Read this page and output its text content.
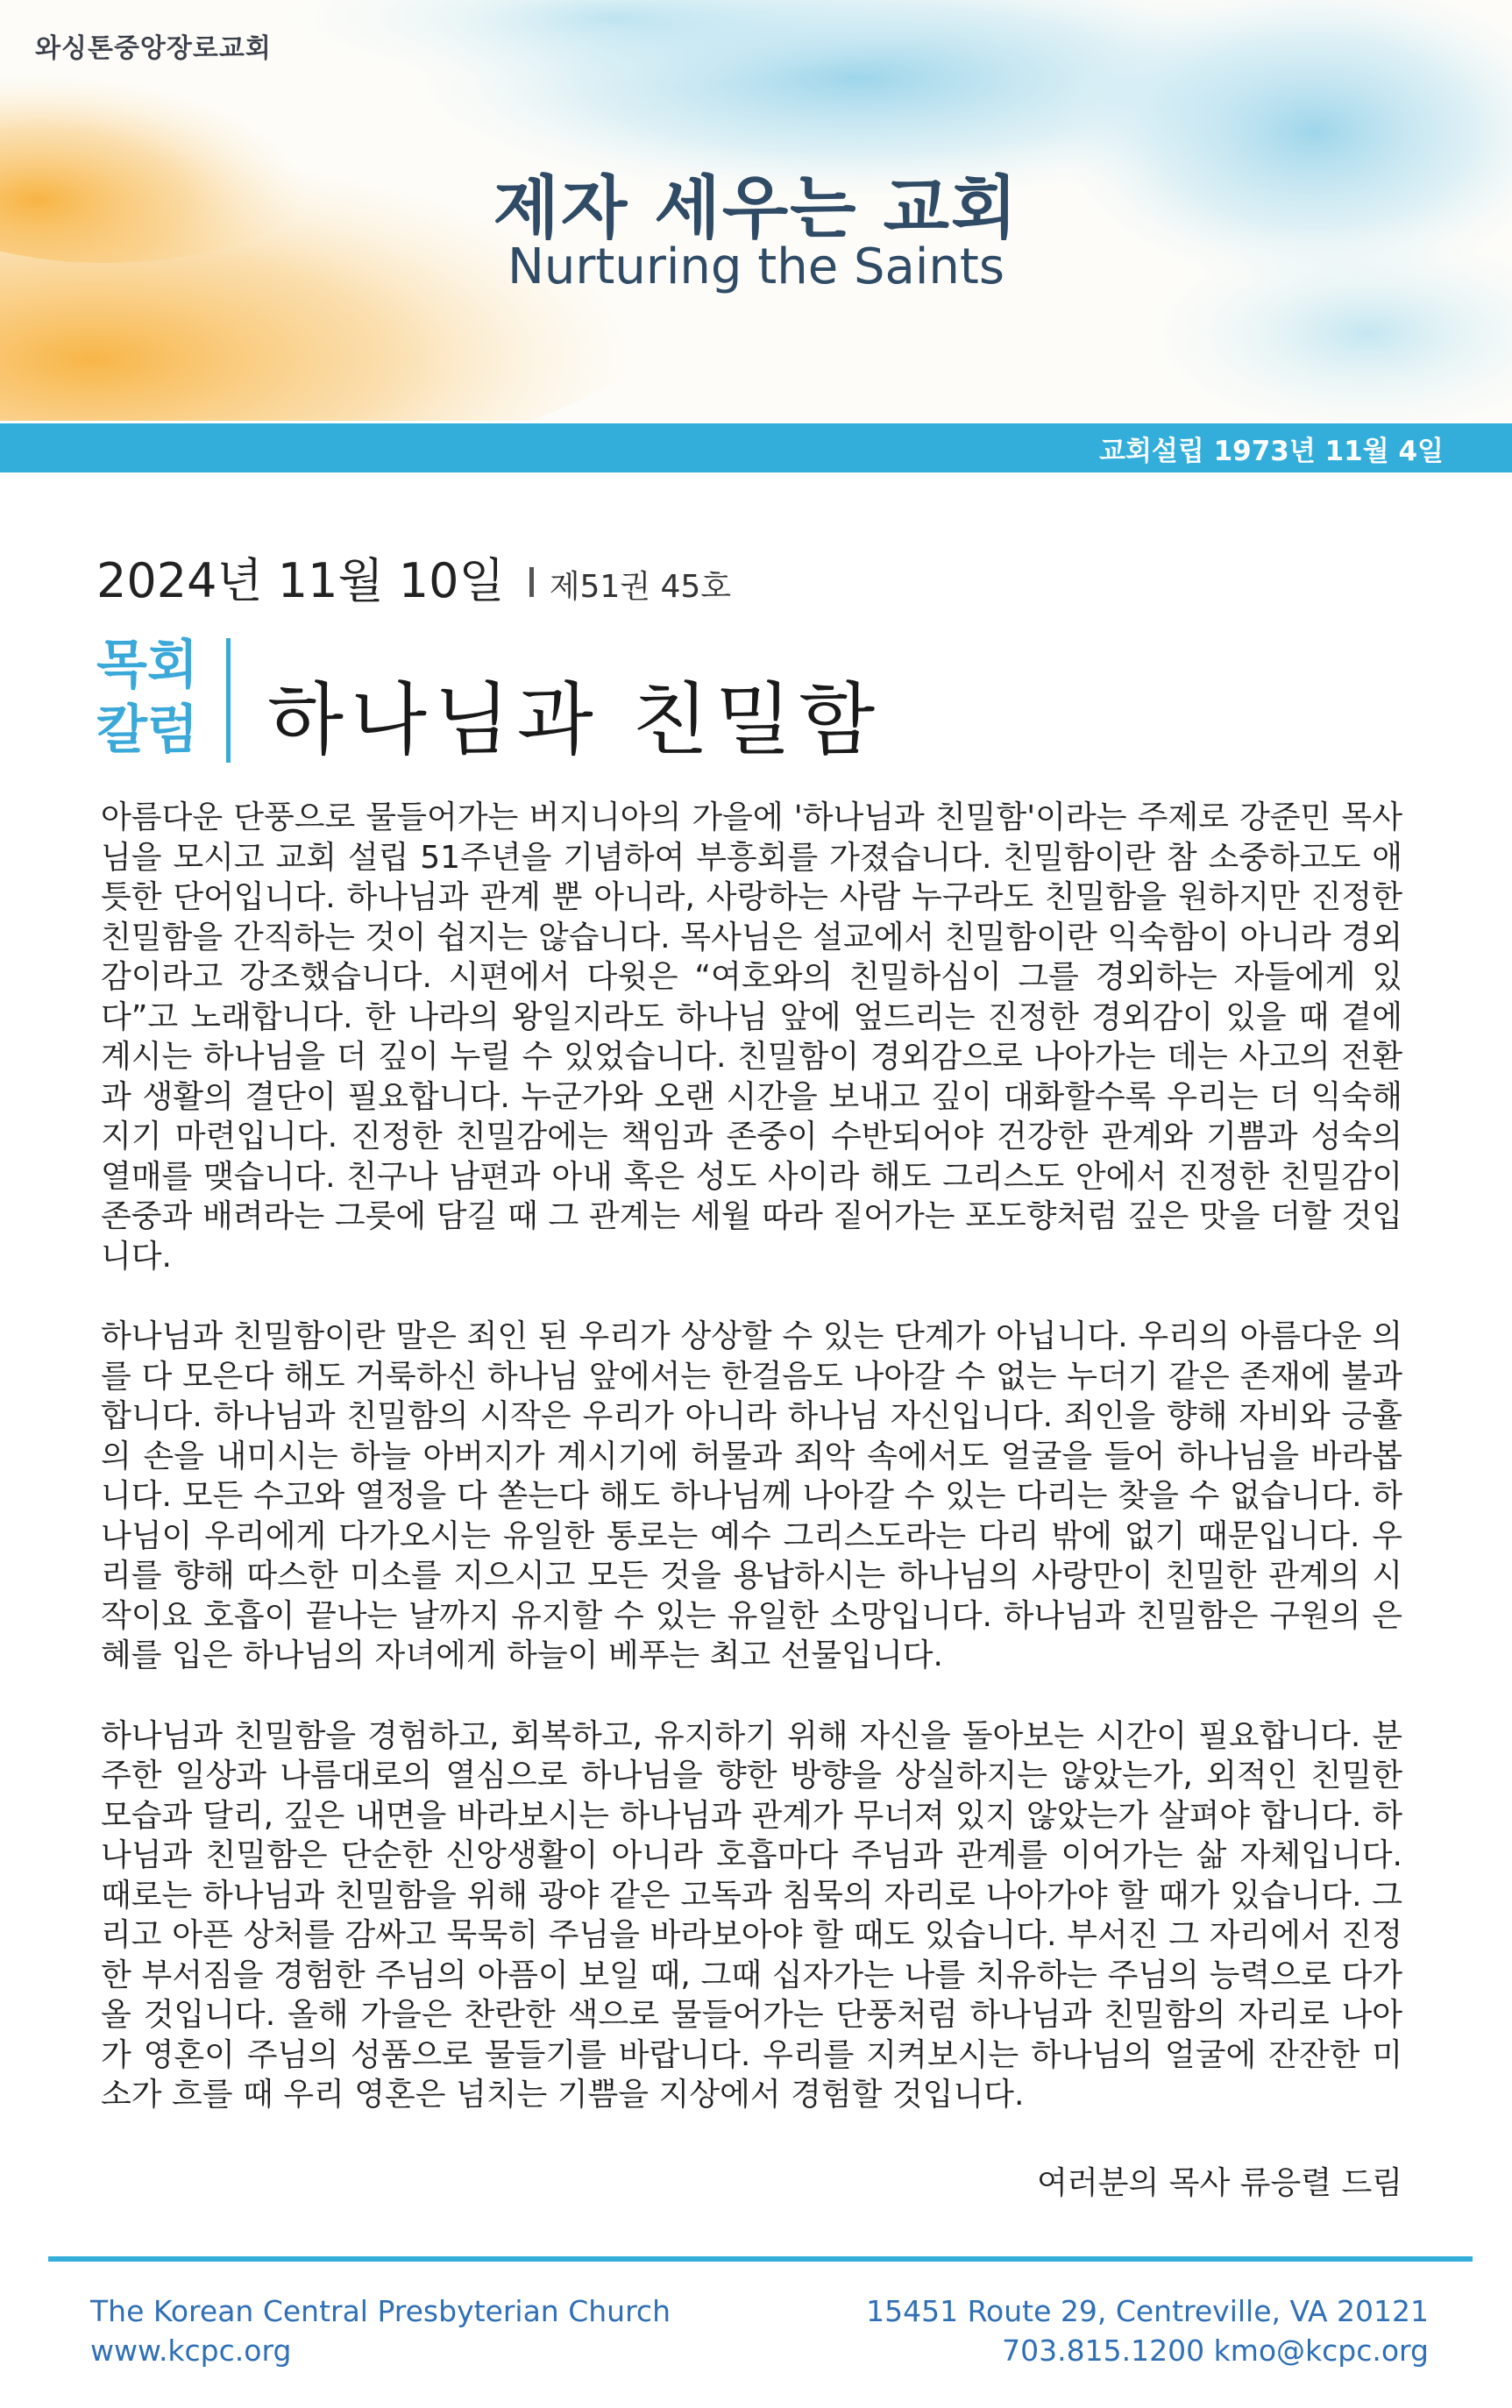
와싱톤중앙장로교회
제자 세우는 교회
Nurturing the Saints
교회설립 1973년 11월 4일
2024년 11월 10일 제51권 45호
목회
칼럼 하나님과 친밀함

아름다운 단풍으로 물들어가는 버지니아의 가을에 '하나님과 친밀함'이라는 주제로 강준민 목사님을 모시고 교회 설립 51주년을 기념하여 부흥회를 가졌습니다. 친밀함이란 참 소중하고도 애틋한 단어입니다. 하나님과 관계 뿐 아니라, 사랑하는 사람 누구라도 친밀함을 원하지만 진정한 친밀함을 간직하는 것이 쉽지는 않습니다. 목사님은 설교에서 친밀함이란 익숙함이 아니라 경외감이라고 강조했습니다. 시편에서 다윗은 “여호와의 친밀하심이 그를 경외하는 자들에게 있다”고 노래합니다. 한 나라의 왕일지라도 하나님 앞에 엎드리는 진정한 경외감이 있을 때 곁에 계시는 하나님을 더 깊이 누릴 수 있었습니다. 친밀함이 경외감으로 나아가는 데는 사고의 전환과 생활의 결단이 필요합니다. 누군가와 오랜 시간을 보내고 깊이 대화할수록 우리는 더 익숙해지기 마련입니다. 진정한 친밀감에는 책임과 존중이 수반되어야 건강한 관계와 기쁨과 성숙의 열매를 맺습니다. 친구나 남편과 아내 혹은 성도 사이라 해도 그리스도 안에서 진정한 친밀감이 존중과 배려라는 그릇에 담길 때 그 관계는 세월 따라 짙어가는 포도향처럼 깊은 맛을 더할 것입니다.

하나님과 친밀함이란 말은 죄인 된 우리가 상상할 수 있는 단계가 아닙니다. 우리의 아름다운 의를 다 모은다 해도 거룩하신 하나님 앞에서는 한걸음도 나아갈 수 없는 누더기 같은 존재에 불과합니다. 하나님과 친밀함의 시작은 우리가 아니라 하나님 자신입니다. 죄인을 향해 자비와 긍휼의 손을 내미시는 하늘 아버지가 계시기에 허물과 죄악 속에서도 얼굴을 들어 하나님을 바라봅니다. 모든 수고와 열정을 다 쏟는다 해도 하나님께 나아갈 수 있는 다리는 찾을 수 없습니다. 하나님이 우리에게 다가오시는 유일한 통로는 예수 그리스도라는 다리 밖에 없기 때문입니다. 우리를 향해 따스한 미소를 지으시고 모든 것을 용납하시는 하나님의 사랑만이 친밀한 관계의 시작이요 호흡이 끝나는 날까지 유지할 수 있는 유일한 소망입니다. 하나님과 친밀함은 구원의 은혜를 입은 하나님의 자녀에게 하늘이 베푸는 최고 선물입니다.

하나님과 친밀함을 경험하고, 회복하고, 유지하기 위해 자신을 돌아보는 시간이 필요합니다. 분주한 일상과 나름대로의 열심으로 하나님을 향한 방향을 상실하지는 않았는가, 외적인 친밀한 모습과 달리, 깊은 내면을 바라보시는 하나님과 관계가 무너져 있지 않았는가 살펴야 합니다. 하나님과 친밀함은 단순한 신앙생활이 아니라 호흡마다 주님과 관계를 이어가는 삶 자체입니다. 때로는 하나님과 친밀함을 위해 광야 같은 고독과 침묵의 자리로 나아가야 할 때가 있습니다. 그리고 아픈 상처를 감싸고 묵묵히 주님을 바라보아야 할 때도 있습니다. 부서진 그 자리에서 진정한 부서짐을 경험한 주님의 아픔이 보일 때, 그때 십자가는 나를 치유하는 주님의 능력으로 다가올 것입니다. 올해 가을은 찬란한 색으로 물들어가는 단풍처럼 하나님과 친밀함의 자리로 나아가 영혼이 주님의 성품으로 물들기를 바랍니다. 우리를 지켜보시는 하나님의 얼굴에 잔잔한 미소가 흐를 때 우리 영혼은 넘치는 기쁨을 지상에서 경험할 것입니다.

여러분의 목사 류응렬 드림
The Korean Central Presbyterian Church
www.kcpc.org
15451 Route 29, Centreville, VA 20121
703.815.1200 kmo@kcpc.org
